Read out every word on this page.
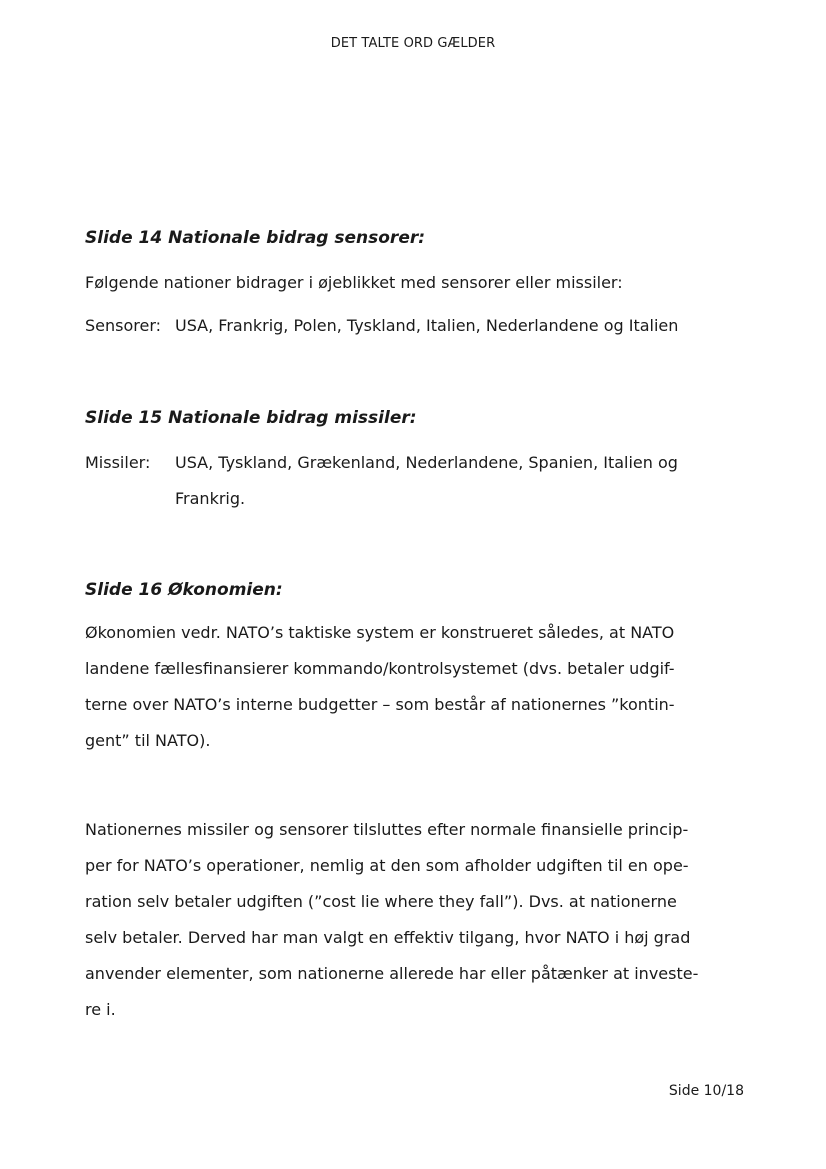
DET TALTE ORD GÆLDER
Slide 14 Nationale bidrag sensorer:
Følgende nationer bidrager i øjeblikket med sensorer eller missiler:
Sensorer: USA, Frankrig, Polen, Tyskland, Italien, Nederlandene og Italien
Slide 15 Nationale bidrag missiler:
Missiler: USA, Tyskland, Grækenland, Nederlandene, Spanien, Italien og
Frankrig.
Slide 16 Økonomien:
Økonomien vedr. NATO’s taktiske system er konstrueret således, at NATO
landene fællesfinansierer kommando/kontrolsystemet (dvs. betaler udgif-
terne over NATO’s interne budgetter – som består af nationernes ”kontin-
gent” til NATO).
Nationernes missiler og sensorer tilsluttes efter normale finansielle princip-
per for NATO’s operationer, nemlig at den som afholder udgiften til en ope-
ration selv betaler udgiften (”cost lie where they fall”). Dvs. at nationerne
selv betaler. Derved har man valgt en effektiv tilgang, hvor NATO i høj grad
anvender elementer, som nationerne allerede har eller påtænker at investe-
re i.
Side 10/18
